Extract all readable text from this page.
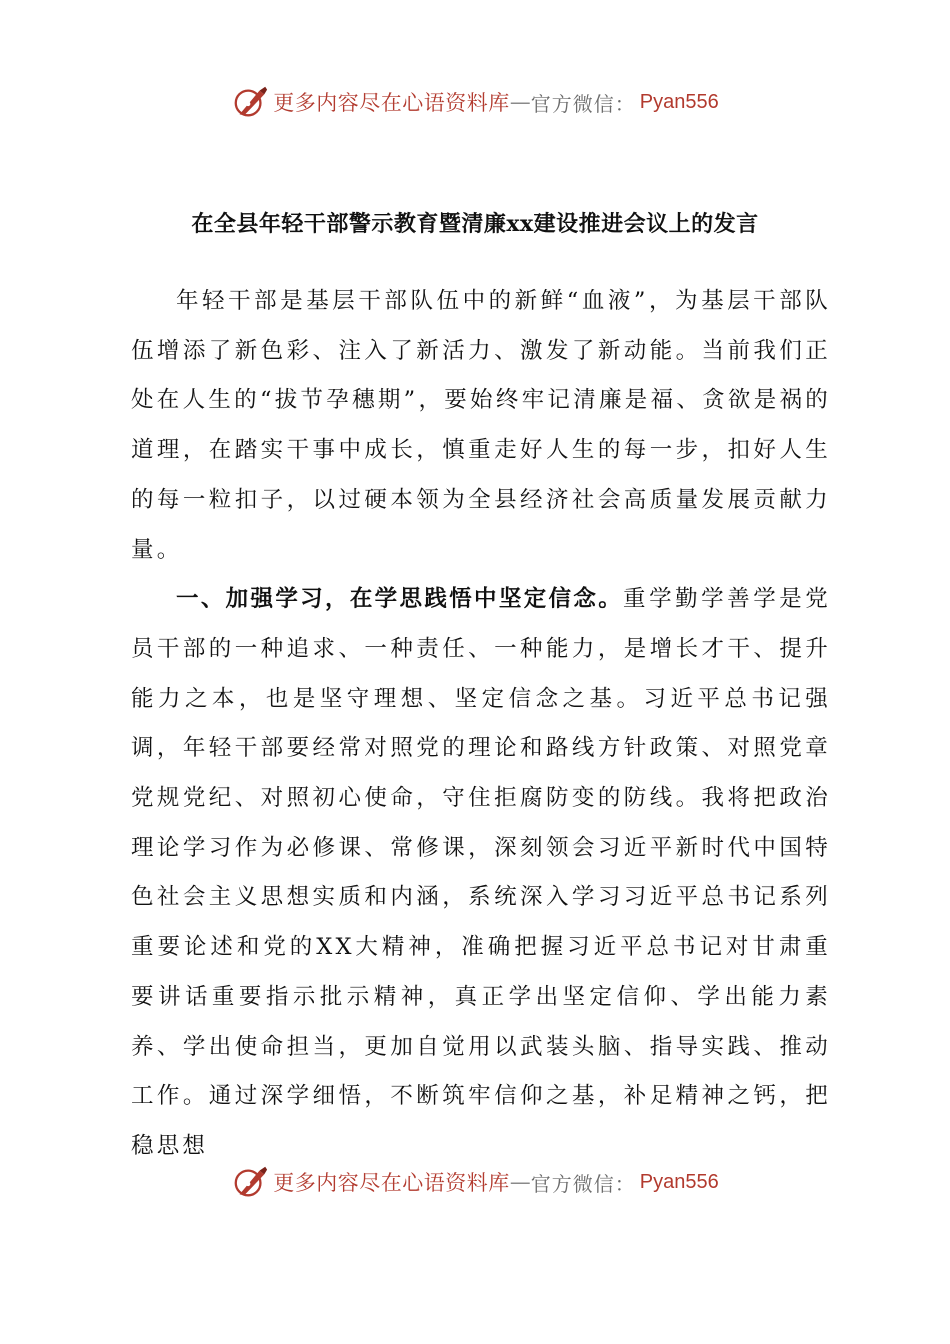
更多内容尽在心语资料库 — 官方微信： Pyan556
在全县年轻干部警示教育暨清廉xx建设推进会议上的发言

年轻干部是基层干部队伍中的新鲜“血液”，为基层干部队伍增添了新色彩、注入了新活力、激发了新动能。当前我们正处在人生的“拔节孕穗期”，要始终牢记清廉是福、贪欲是祸的道理，在踏实干事中成长，慎重走好人生的每一步，扣好人生的每一粒扣子，以过硬本领为全县经济社会高质量发展贡献力量。

一、加强学习，在学思践悟中坚定信念。重学勤学善学是党员干部的一种追求、一种责任、一种能力，是增长才干、提升能力之本，也是坚守理想、坚定信念之基。习近平总书记强调，年轻干部要经常对照党的理论和路线方针政策、对照党章党规党纪、对照初心使命，守住拒腐防变的防线。我将把政治理论学习作为必修课、常修课，深刻领会习近平新时代中国特色社会主义思想实质和内涵，系统深入学习习近平总书记系列重要论述和党的XX大精神，准确把握习近平总书记对甘肃重要讲话重要指示批示精神，真正学出坚定信仰、学出能力素养、学出使命担当，更加自觉用以武装头脑、指导实践、推动工作。通过深学细悟，不断筑牢信仰之基，补足精神之钙，把稳思想

更多内容尽在心语资料库 — 官方微信： Pyan556
